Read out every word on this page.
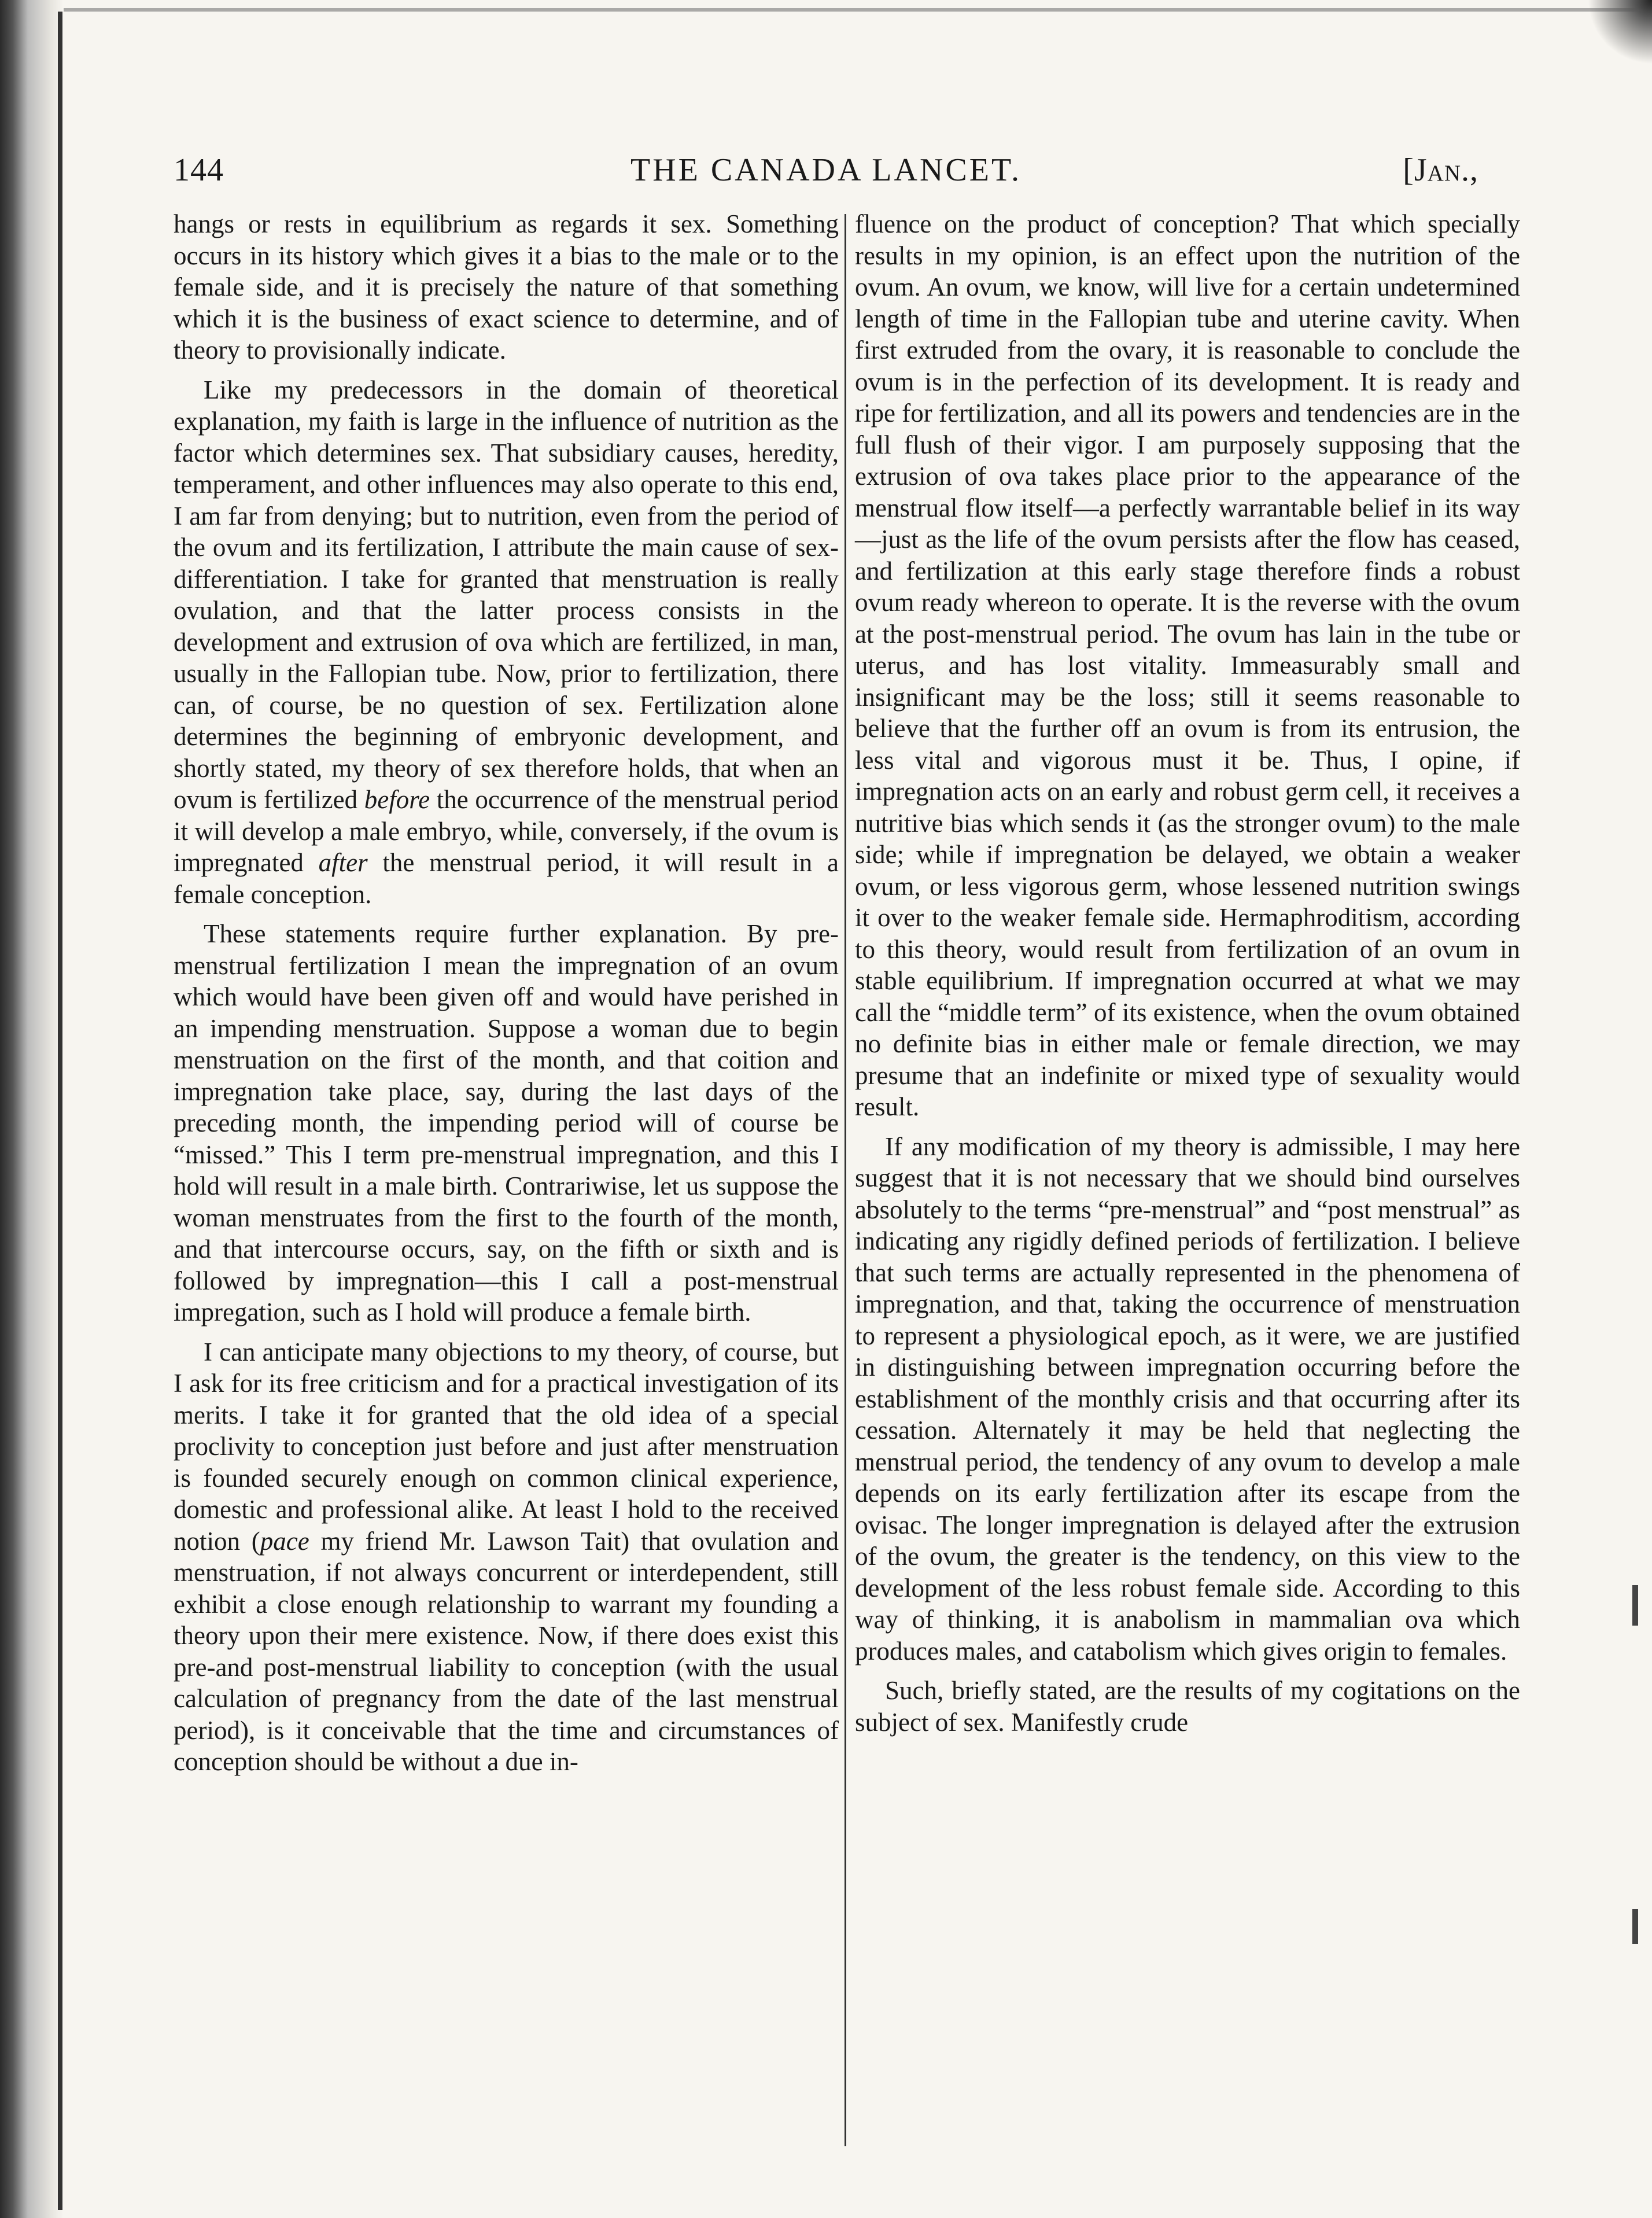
144	THE CANADA LANCET.	[Jan.,

hangs or rests in equilibrium as regards it sex. Something occurs in its history which gives it a bias to the male or to the female side, and it is precisely the nature of that something which it is the business of exact science to determine, and of theory to provisionally indicate.

Like my predecessors in the domain of theoretical explanation, my faith is large in the influence of nutrition as the factor which determines sex. That subsidiary causes, heredity, temperament, and other influences may also operate to this end, I am far from denying; but to nutrition, even from the period of the ovum and its fertilization, I attribute the main cause of sex-differentiation. I take for granted that menstruation is really ovulation, and that the latter process consists in the development and extrusion of ova which are fertilized, in man, usually in the Fallopian tube. Now, prior to fertilization, there can, of course, be no question of sex. Fertilization alone determines the beginning of embryonic development, and shortly stated, my theory of sex therefore holds, that when an ovum is fertilized before the occurrence of the menstrual period it will develop a male embryo, while, conversely, if the ovum is impregnated after the menstrual period, it will result in a female conception.

These statements require further explanation. By pre-menstrual fertilization I mean the impregnation of an ovum which would have been given off and would have perished in an impending menstruation. Suppose a woman due to begin menstruation on the first of the month, and that coition and impregnation take place, say, during the last days of the preceding month, the impending period will of course be “missed.” This I term pre-menstrual impregnation, and this I hold will result in a male birth. Contrariwise, let us suppose the woman menstruates from the first to the fourth of the month, and that intercourse occurs, say, on the fifth or sixth and is followed by impregnation—this I call a post-menstrual impregation, such as I hold will produce a female birth.

I can anticipate many objections to my theory, of course, but I ask for its free criticism and for a practical investigation of its merits. I take it for granted that the old idea of a special proclivity to conception just before and just after menstruation is founded securely enough on common clinical experience, domestic and professional alike. At least I hold to the received notion (pace my friend Mr. Lawson Tait) that ovulation and menstruation, if not always concurrent or interdependent, still exhibit a close enough relationship to warrant my founding a theory upon their mere existence. Now, if there does exist this pre-and post-menstrual liability to conception (with the usual calculation of pregnancy from the date of the last menstrual period), is it conceivable that the time and circumstances of conception should be without a due in-

fluence on the product of conception? That which specially results in my opinion, is an effect upon the nutrition of the ovum. An ovum, we know, will live for a certain undetermined length of time in the Fallopian tube and uterine cavity. When first extruded from the ovary, it is reasonable to conclude the ovum is in the perfection of its development. It is ready and ripe for fertilization, and all its powers and tendencies are in the full flush of their vigor. I am purposely supposing that the extrusion of ova takes place prior to the appearance of the menstrual flow itself—a perfectly warrantable belief in its way—just as the life of the ovum persists after the flow has ceased, and fertilization at this early stage therefore finds a robust ovum ready whereon to operate. It is the reverse with the ovum at the post-menstrual period. The ovum has lain in the tube or uterus, and has lost vitality. Immeasurably small and insignificant may be the loss; still it seems reasonable to believe that the further off an ovum is from its entrusion, the less vital and vigorous must it be. Thus, I opine, if impregnation acts on an early and robust germ cell, it receives a nutritive bias which sends it (as the stronger ovum) to the male side; while if impregnation be delayed, we obtain a weaker ovum, or less vigorous germ, whose lessened nutrition swings it over to the weaker female side. Hermaphroditism, according to this theory, would result from fertilization of an ovum in stable equilibrium. If impregnation occurred at what we may call the “middle term” of its existence, when the ovum obtained no definite bias in either male or female direction, we may presume that an indefinite or mixed type of sexuality would result.

If any modification of my theory is admissible, I may here suggest that it is not necessary that we should bind ourselves absolutely to the terms “pre-menstrual” and “post menstrual” as indicating any rigidly defined periods of fertilization. I believe that such terms are actually represented in the phenomena of impregnation, and that, taking the occurrence of menstruation to represent a physiological epoch, as it were, we are justified in distinguishing between impregnation occurring before the establishment of the monthly crisis and that occurring after its cessation. Alternately it may be held that neglecting the menstrual period, the tendency of any ovum to develop a male depends on its early fertilization after its escape from the ovisac. The longer impregnation is delayed after the extrusion of the ovum, the greater is the tendency, on this view to the development of the less robust female side. According to this way of thinking, it is anabolism in mammalian ova which produces males, and catabolism which gives origin to females.

Such, briefly stated, are the results of my cogitations on the subject of sex. Manifestly crude
